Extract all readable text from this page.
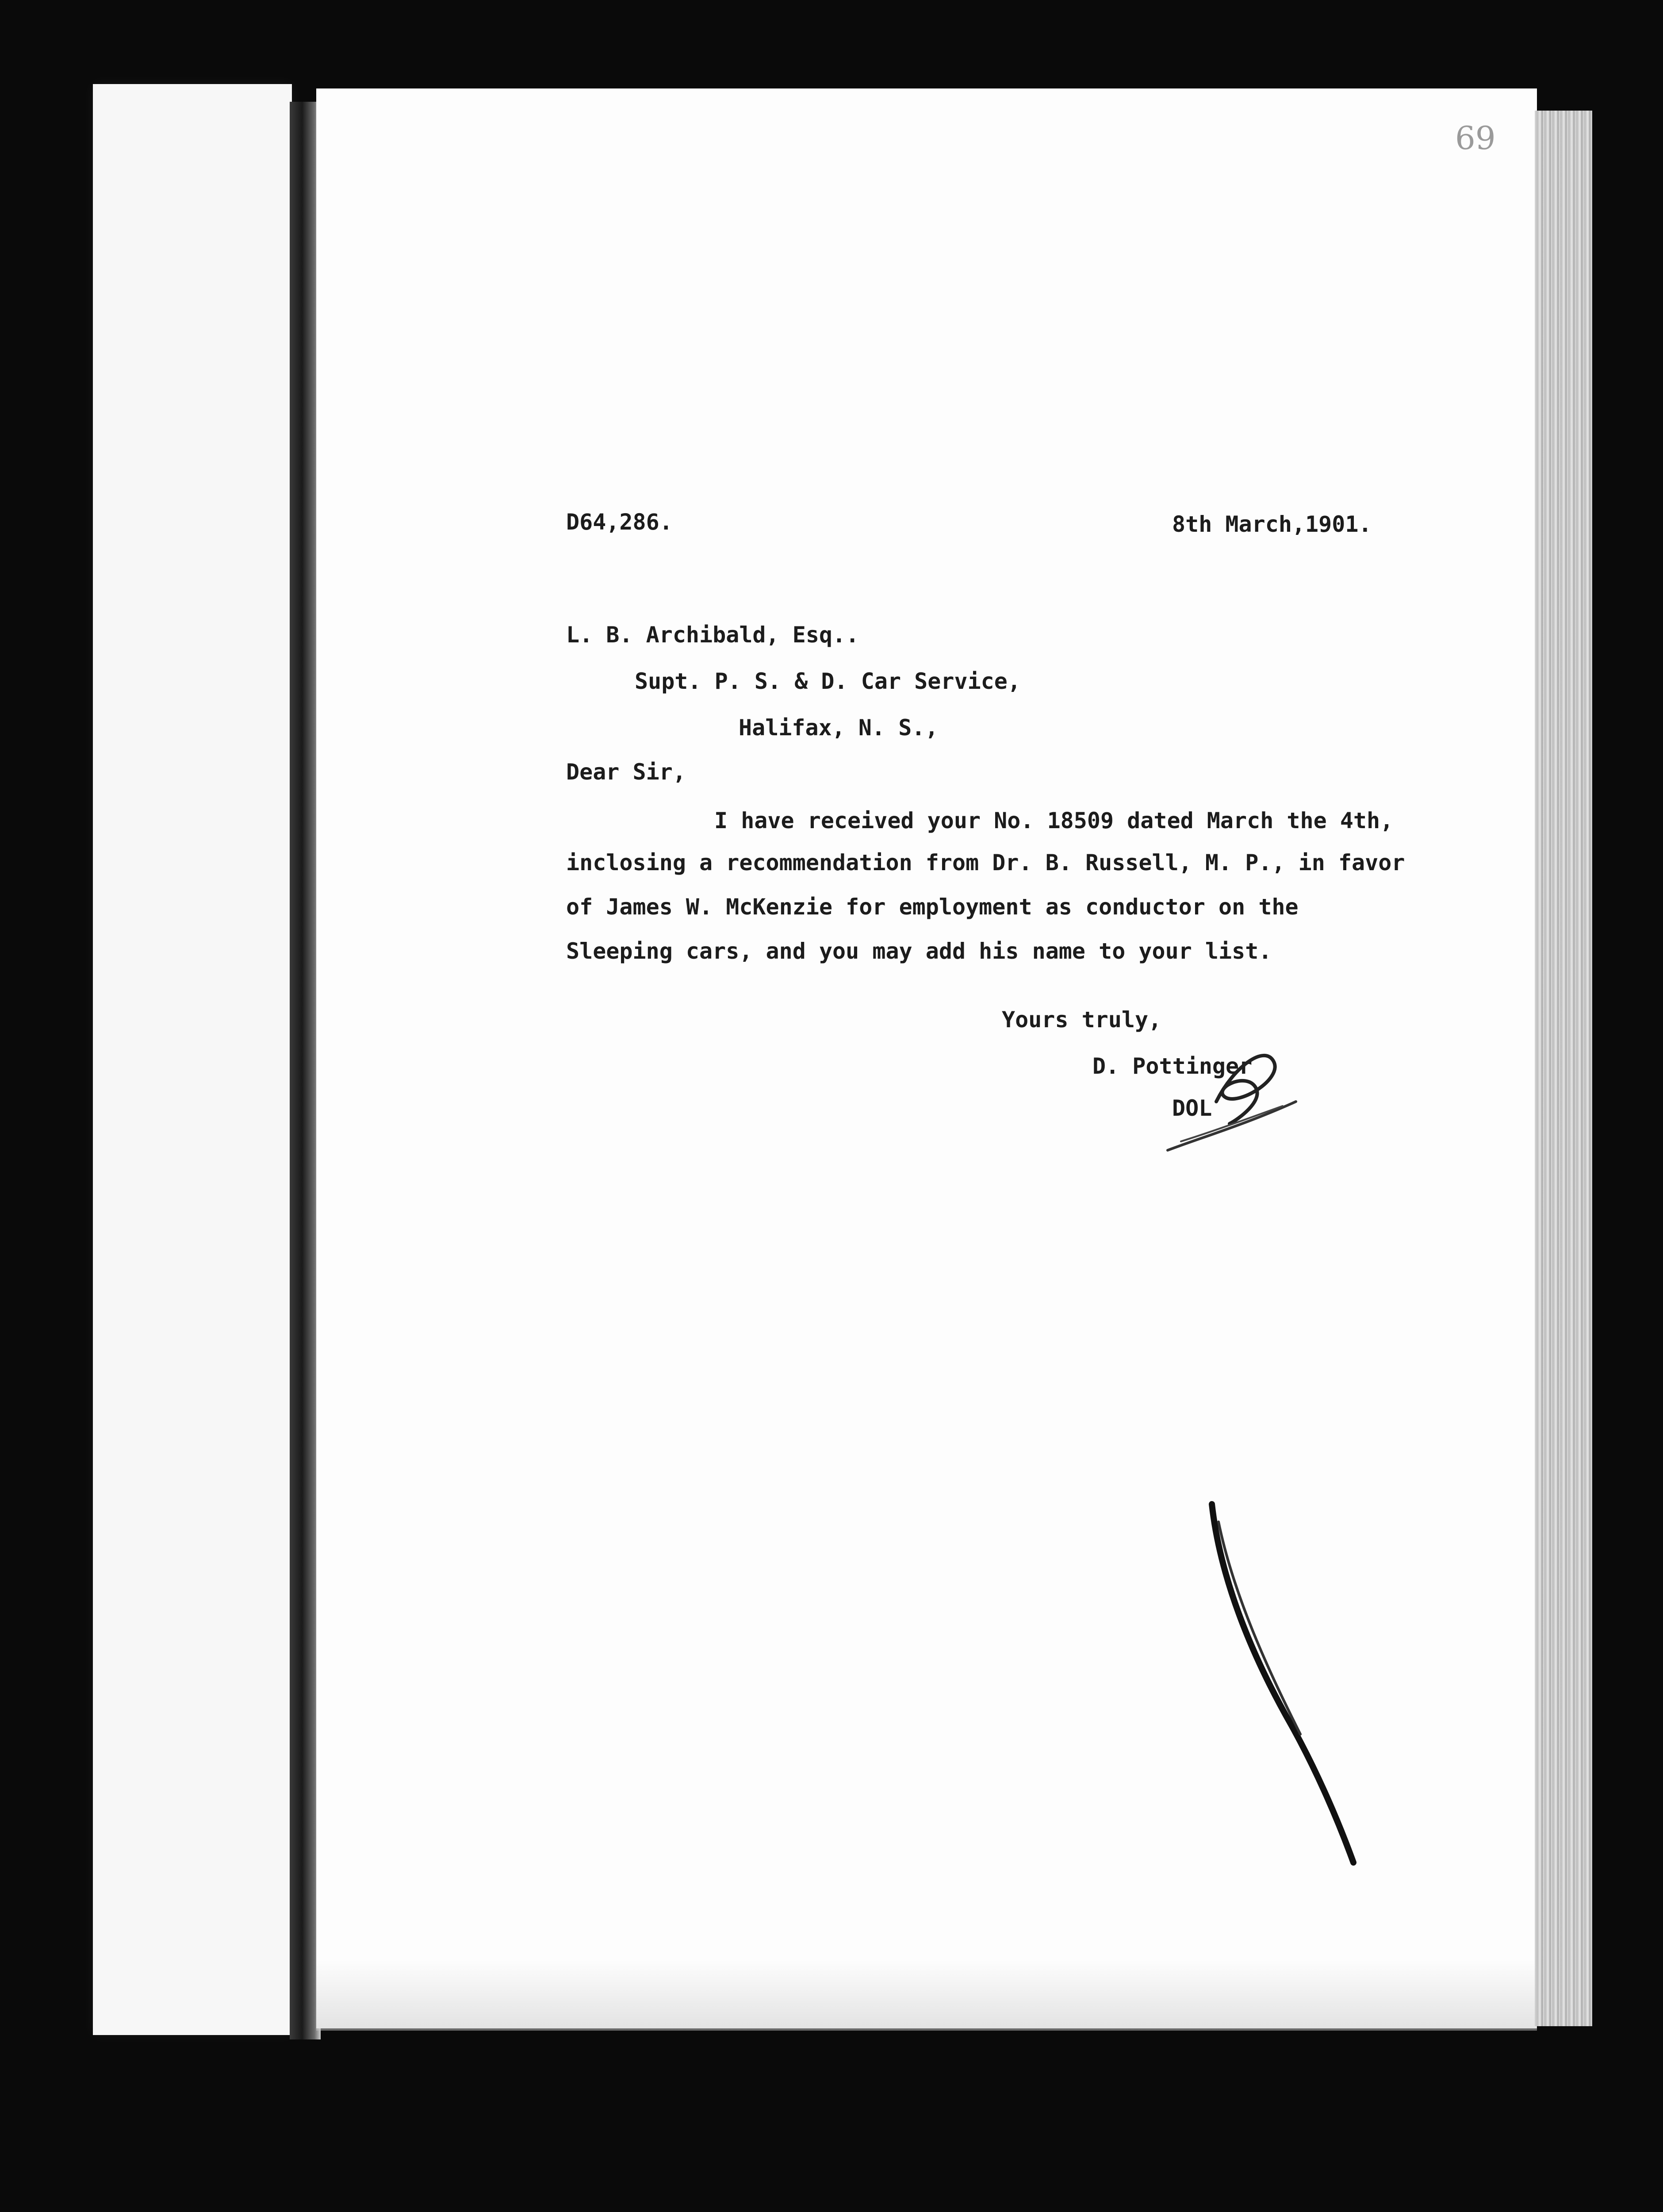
69
D64,286.	8th March,1901.
L. B. Archibald, Esq..
Supt. P. S. & D. Car Service,
Halifax, N. S.,
Dear Sir,
I have received your No. 18509 dated March the 4th,
inclosing a recommendation from Dr. B. Russell, M. P., in favor
of James W. McKenzie for employment as conductor on the
Sleeping cars, and you may add his name to your list.
Yours truly,
D. Pottinger
DOL
